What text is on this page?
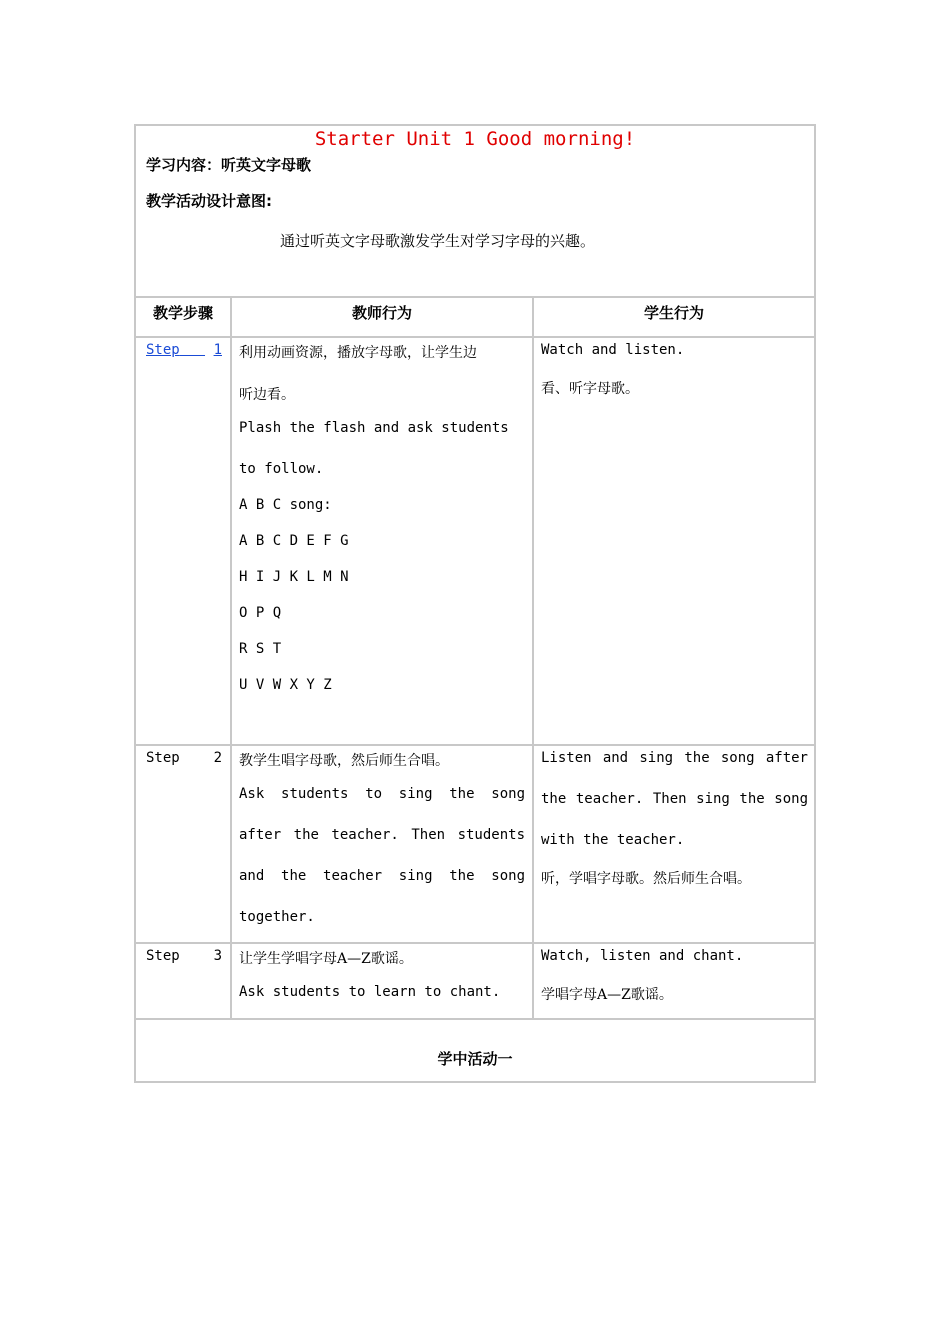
Starter Unit 1 Good morning!
学习内容：听英文字母歌
教学活动设计意图:
通过听英文字母歌激发学生对学习字母的兴趣。
教学步骤	教师行为	学生行为
Step 1 利用动画资源，播放字母歌，让学生边
听边看。
Plash the flash and ask students
to follow.
A B C song:
A B C D E F G
H I J K L M N
O P Q
R S T
U V W X Y Z
Watch and listen.
看、听字母歌。
Step 2 教学生唱字母歌，然后师生合唱。
Ask students to sing the song
after the teacher. Then students
and the teacher sing the song
together.
Listen and sing the song after
the teacher. Then sing the song
with the teacher.
听，学唱字母歌。然后师生合唱。
Step 3 让学生学唱字母A—Z歌谣。
Ask students to learn to chant.
Watch, listen and chant.
学唱字母A—Z歌谣。
学中活动一
